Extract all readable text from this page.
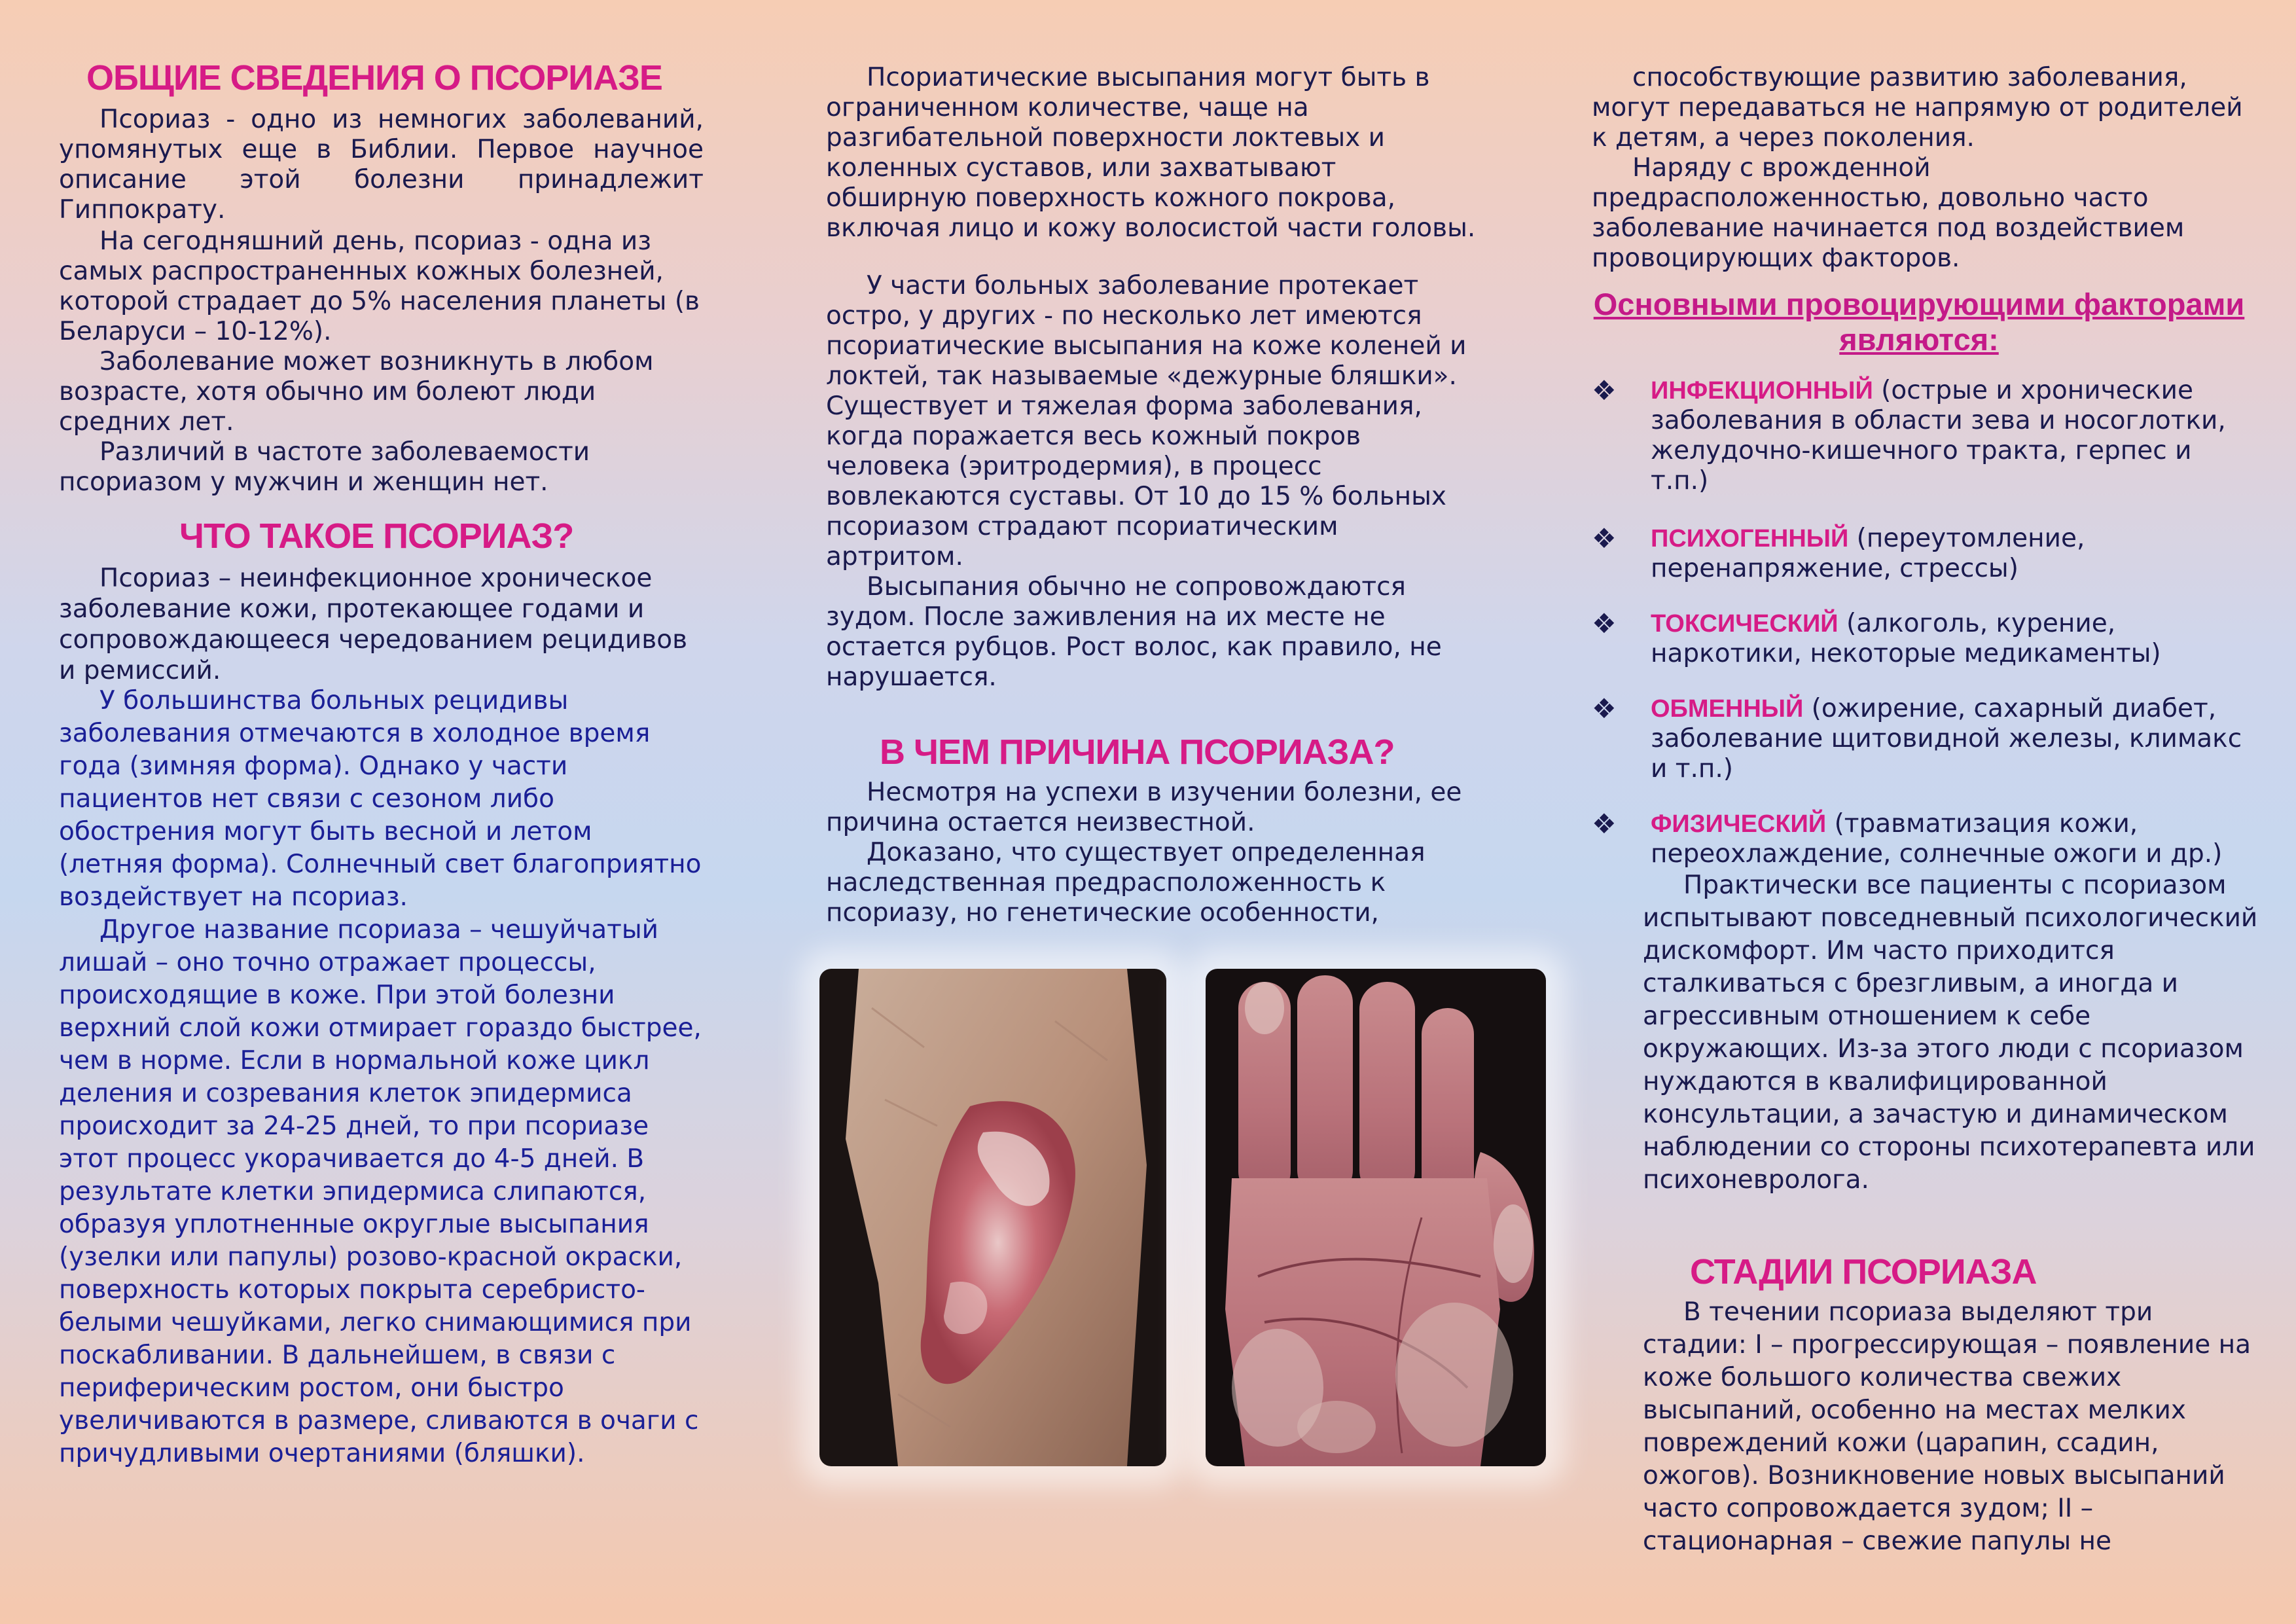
ОБЩИЕ СВЕДЕНИЯ О ПСОРИАЗЕ

Псориаз - одно из немногих заболеваний, упомянутых еще в Библии. Первое научное описание этой болезни принадлежит Гиппократу.

На сегодняшний день, псориаз - одна из самых распространенных кожных болезней, которой страдает до 5% населения планеты (в Беларуси – 10-12%).

Заболевание может возникнуть в любом возрасте, хотя обычно им болеют люди средних лет.

Различий в частоте заболеваемости псориазом у мужчин и женщин нет.

ЧТО ТАКОЕ ПСОРИАЗ?

Псориаз – неинфекционное хроническое заболевание кожи, протекающее годами и сопровождающееся чередованием рецидивов и ремиссий.

У большинства больных рецидивы заболевания отмечаются в холодное время года (зимняя форма). Однако у части пациентов нет связи с сезоном либо обострения могут быть весной и летом (летняя форма). Солнечный свет благоприятно воздействует на псориаз.

Другое название псориаза – чешуйчатый лишай – оно точно отражает процессы, происходящие в коже. При этой болезни верхний слой кожи отмирает гораздо быстрее, чем в норме. Если в нормальной коже цикл деления и созревания клеток эпидермиса происходит за 24-25 дней, то при псориазе этот процесс укорачивается до 4-5 дней. В результате клетки эпидермиса слипаются, образуя уплотненные округлые высыпания (узелки или папулы) розово-красной окраски, поверхность которых покрыта серебристо-белыми чешуйками, легко снимающимися при поскабливании. В дальнейшем, в связи с периферическим ростом, они быстро увеличиваются в размере, сливаются в очаги с причудливыми очертаниями (бляшки).

Псориатические высыпания могут быть в ограниченном количестве, чаще на разгибательной поверхности локтевых и коленных суставов, или захватывают обширную поверхность кожного покрова, включая лицо и кожу волосистой части головы.

У части больных заболевание протекает остро, у других - по несколько лет имеются псориатические высыпания на коже коленей и локтей, так называемые «дежурные бляшки». Существует и тяжелая форма заболевания, когда поражается весь кожный покров человека (эритродермия), в процесс вовлекаются суставы. От 10 до 15 % больных псориазом страдают псориатическим артритом.

Высыпания обычно не сопровождаются зудом. После заживления на их месте не остается рубцов. Рост волос, как правило, не нарушается.

В ЧЕМ ПРИЧИНА ПСОРИАЗА?

Несмотря на успехи в изучении болезни, ее причина остается неизвестной.

Доказано, что существует определенная наследственная предрасположенность к псориазу, но генетические особенности,

способствующие развитию заболевания, могут передаваться не напрямую от родителей к детям, а через поколения.

Наряду с врожденной предрасположенностью, довольно часто заболевание начинается под воздействием провоцирующих факторов.

Основными провоцирующими факторами являются:
❖ ИНФЕКЦИОННЫЙ (острые и хронические заболевания в области зева и носоглотки, желудочно-кишечного тракта, герпес и т.п.)
❖ ПСИХОГЕННЫЙ (переутомление, перенапряжение, стрессы)
❖ ТОКСИЧЕСКИЙ (алкоголь, курение, наркотики, некоторые медикаменты)
❖ ОБМЕННЫЙ (ожирение, сахарный диабет, заболевание щитовидной железы, климакс и т.п.)
❖ ФИЗИЧЕСКИЙ (травматизация кожи, переохлаждение, солнечные ожоги и др.)

Практически все пациенты с псориазом испытывают повседневный психологический дискомфорт. Им часто приходится сталкиваться с брезгливым, а иногда и агрессивным отношением к себе окружающих. Из-за этого люди с псориазом нуждаются в квалифицированной консультации, а зачастую и динамическом наблюдении со стороны психотерапевта или психоневролога.

СТАДИИ ПСОРИАЗА

В течении псориаза выделяют три стадии: I – прогрессирующая – появление на коже большого количества свежих высыпаний, особенно на местах мелких повреждений кожи (царапин, ссадин, ожогов). Возникновение новых высыпаний часто сопровождается зудом; II – стационарная – свежие папулы не
